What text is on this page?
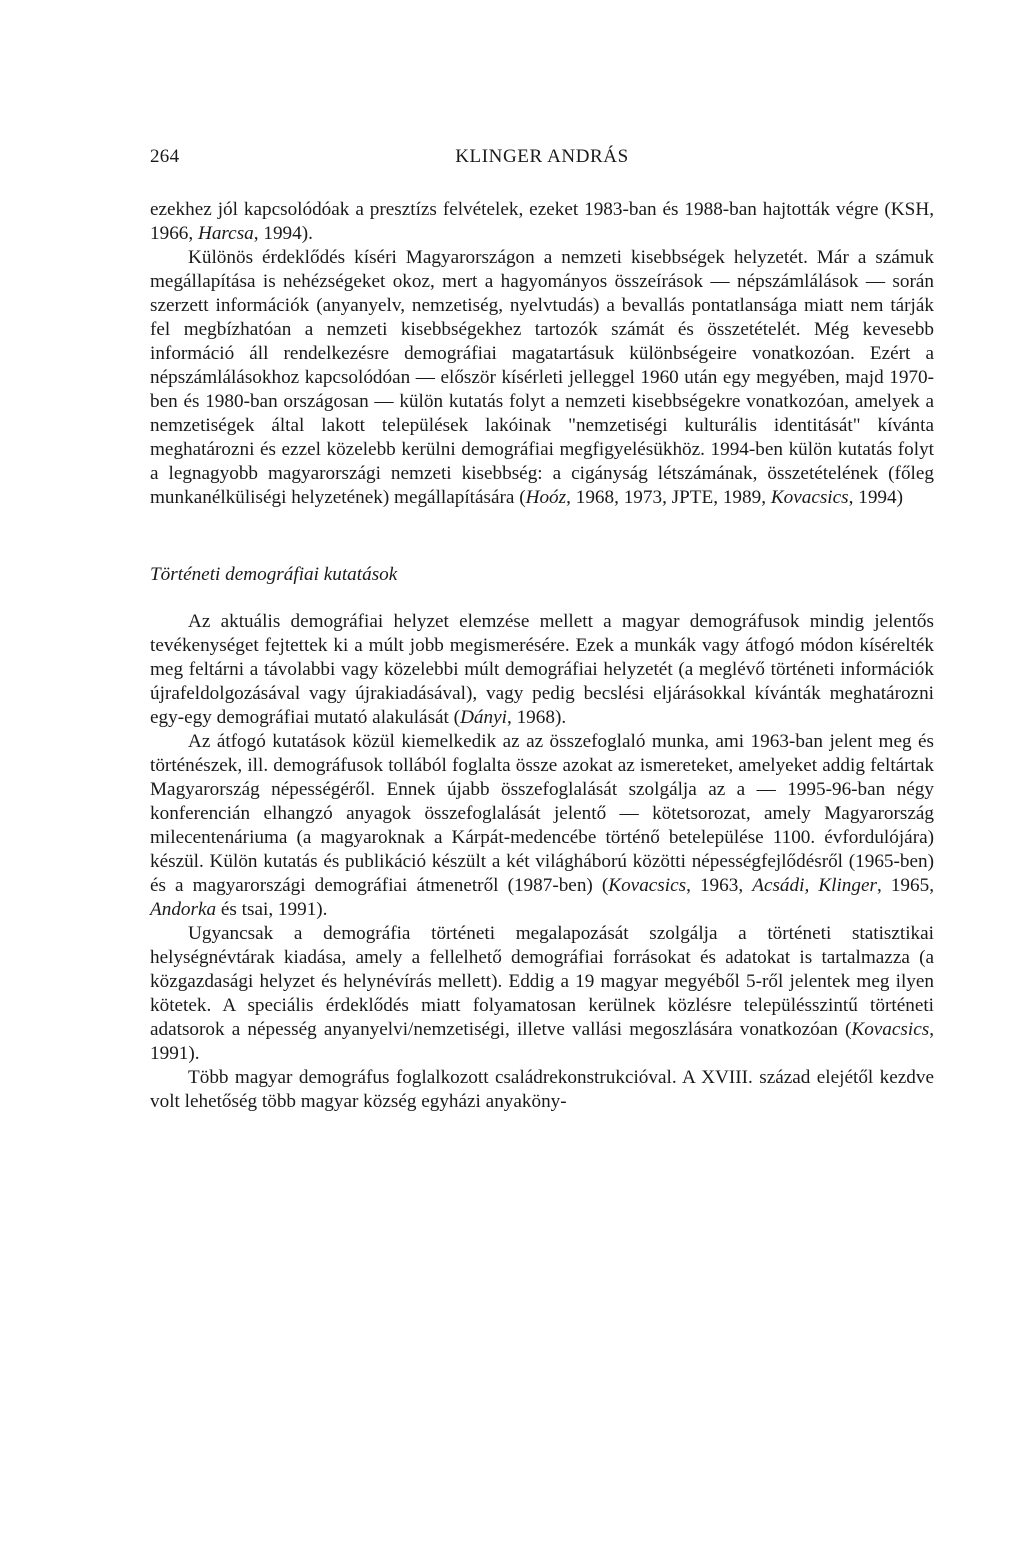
264	KLINGER ANDRÁS

ezekhez jól kapcsolódóak a presztízs felvételek, ezeket 1983-ban és 1988-ban hajtották végre (KSH, 1966, Harcsa, 1994).

Különös érdeklődés kíséri Magyarországon a nemzeti kisebbségek helyzetét. Már a számuk megállapítása is nehézségeket okoz, mert a hagyományos összeírások — népszámlálások — során szerzett információk (anyanyelv, nemzetiség, nyelvtudás) a bevallás pontatlansága miatt nem tárják fel megbízhatóan a nemzeti kisebbségekhez tartozók számát és összetételét. Még kevesebb információ áll rendelkezésre demográfiai magatartásuk különbségeire vonatkozóan. Ezért a népszámlálásokhoz kapcsolódóan — először kísérleti jelleggel 1960 után egy megyében, majd 1970-ben és 1980-ban országosan — külön kutatás folyt a nemzeti kisebbségekre vonatkozóan, amelyek a nemzetiségek által lakott települések lakóinak "nemzetiségi kulturális identitását" kívánta meghatározni és ezzel közelebb kerülni demográfiai megfigyelésükhöz. 1994-ben külön kutatás folyt a legnagyobb magyarországi nemzeti kisebbség: a cigányság létszámának, összetételének (főleg munkanélküliségi helyzetének) megállapítására (Hoóz, 1968, 1973, JPTE, 1989, Kovacsics, 1994)

Történeti demográfiai kutatások

Az aktuális demográfiai helyzet elemzése mellett a magyar demográfusok mindig jelentős tevékenységet fejtettek ki a múlt jobb megismerésére. Ezek a munkák vagy átfogó módon kísérelték meg feltárni a távolabbi vagy közelebbi múlt demográfiai helyzetét (a meglévő történeti információk újrafeldolgozásával vagy újrakiadásával), vagy pedig becslési eljárásokkal kívánták meghatározni egy-egy demográfiai mutató alakulását (Dányi, 1968).

Az átfogó kutatások közül kiemelkedik az az összefoglaló munka, ami 1963-ban jelent meg és történészek, ill. demográfusok tollából foglalta össze azokat az ismereteket, amelyeket addig feltártak Magyarország népességéről. Ennek újabb összefoglalását szolgálja az a — 1995-96-ban négy konferencián elhangzó anyagok összefoglalását jelentő — kötetsorozat, amely Magyarország milecentenáriuma (a magyaroknak a Kárpát-medencébe történő betelepülése 1100. évfordulójára) készül. Külön kutatás és publikáció készült a két világháború közötti népességfejlődésről (1965-ben) és a magyarországi demográfiai átmenetről (1987-ben) (Kovacsics, 1963, Acsádi, Klinger, 1965, Andorka és tsai, 1991).

Ugyancsak a demográfia történeti megalapozását szolgálja a történeti statisztikai helységnévtárak kiadása, amely a fellelhető demográfiai forrásokat és adatokat is tartalmazza (a közgazdasági helyzet és helynévírás mellett). Eddig a 19 magyar megyéből 5-ről jelentek meg ilyen kötetek. A speciális érdeklődés miatt folyamatosan kerülnek közlésre településszintű történeti adatsorok a népesség anyanyelvi/nemzetiségi, illetve vallási megoszlására vonatkozóan (Kovacsics, 1991).

Több magyar demográfus foglalkozott családrekonstrukcióval. A XVIII. század elejétől kezdve volt lehetőség több magyar község egyházi anyaköny-
